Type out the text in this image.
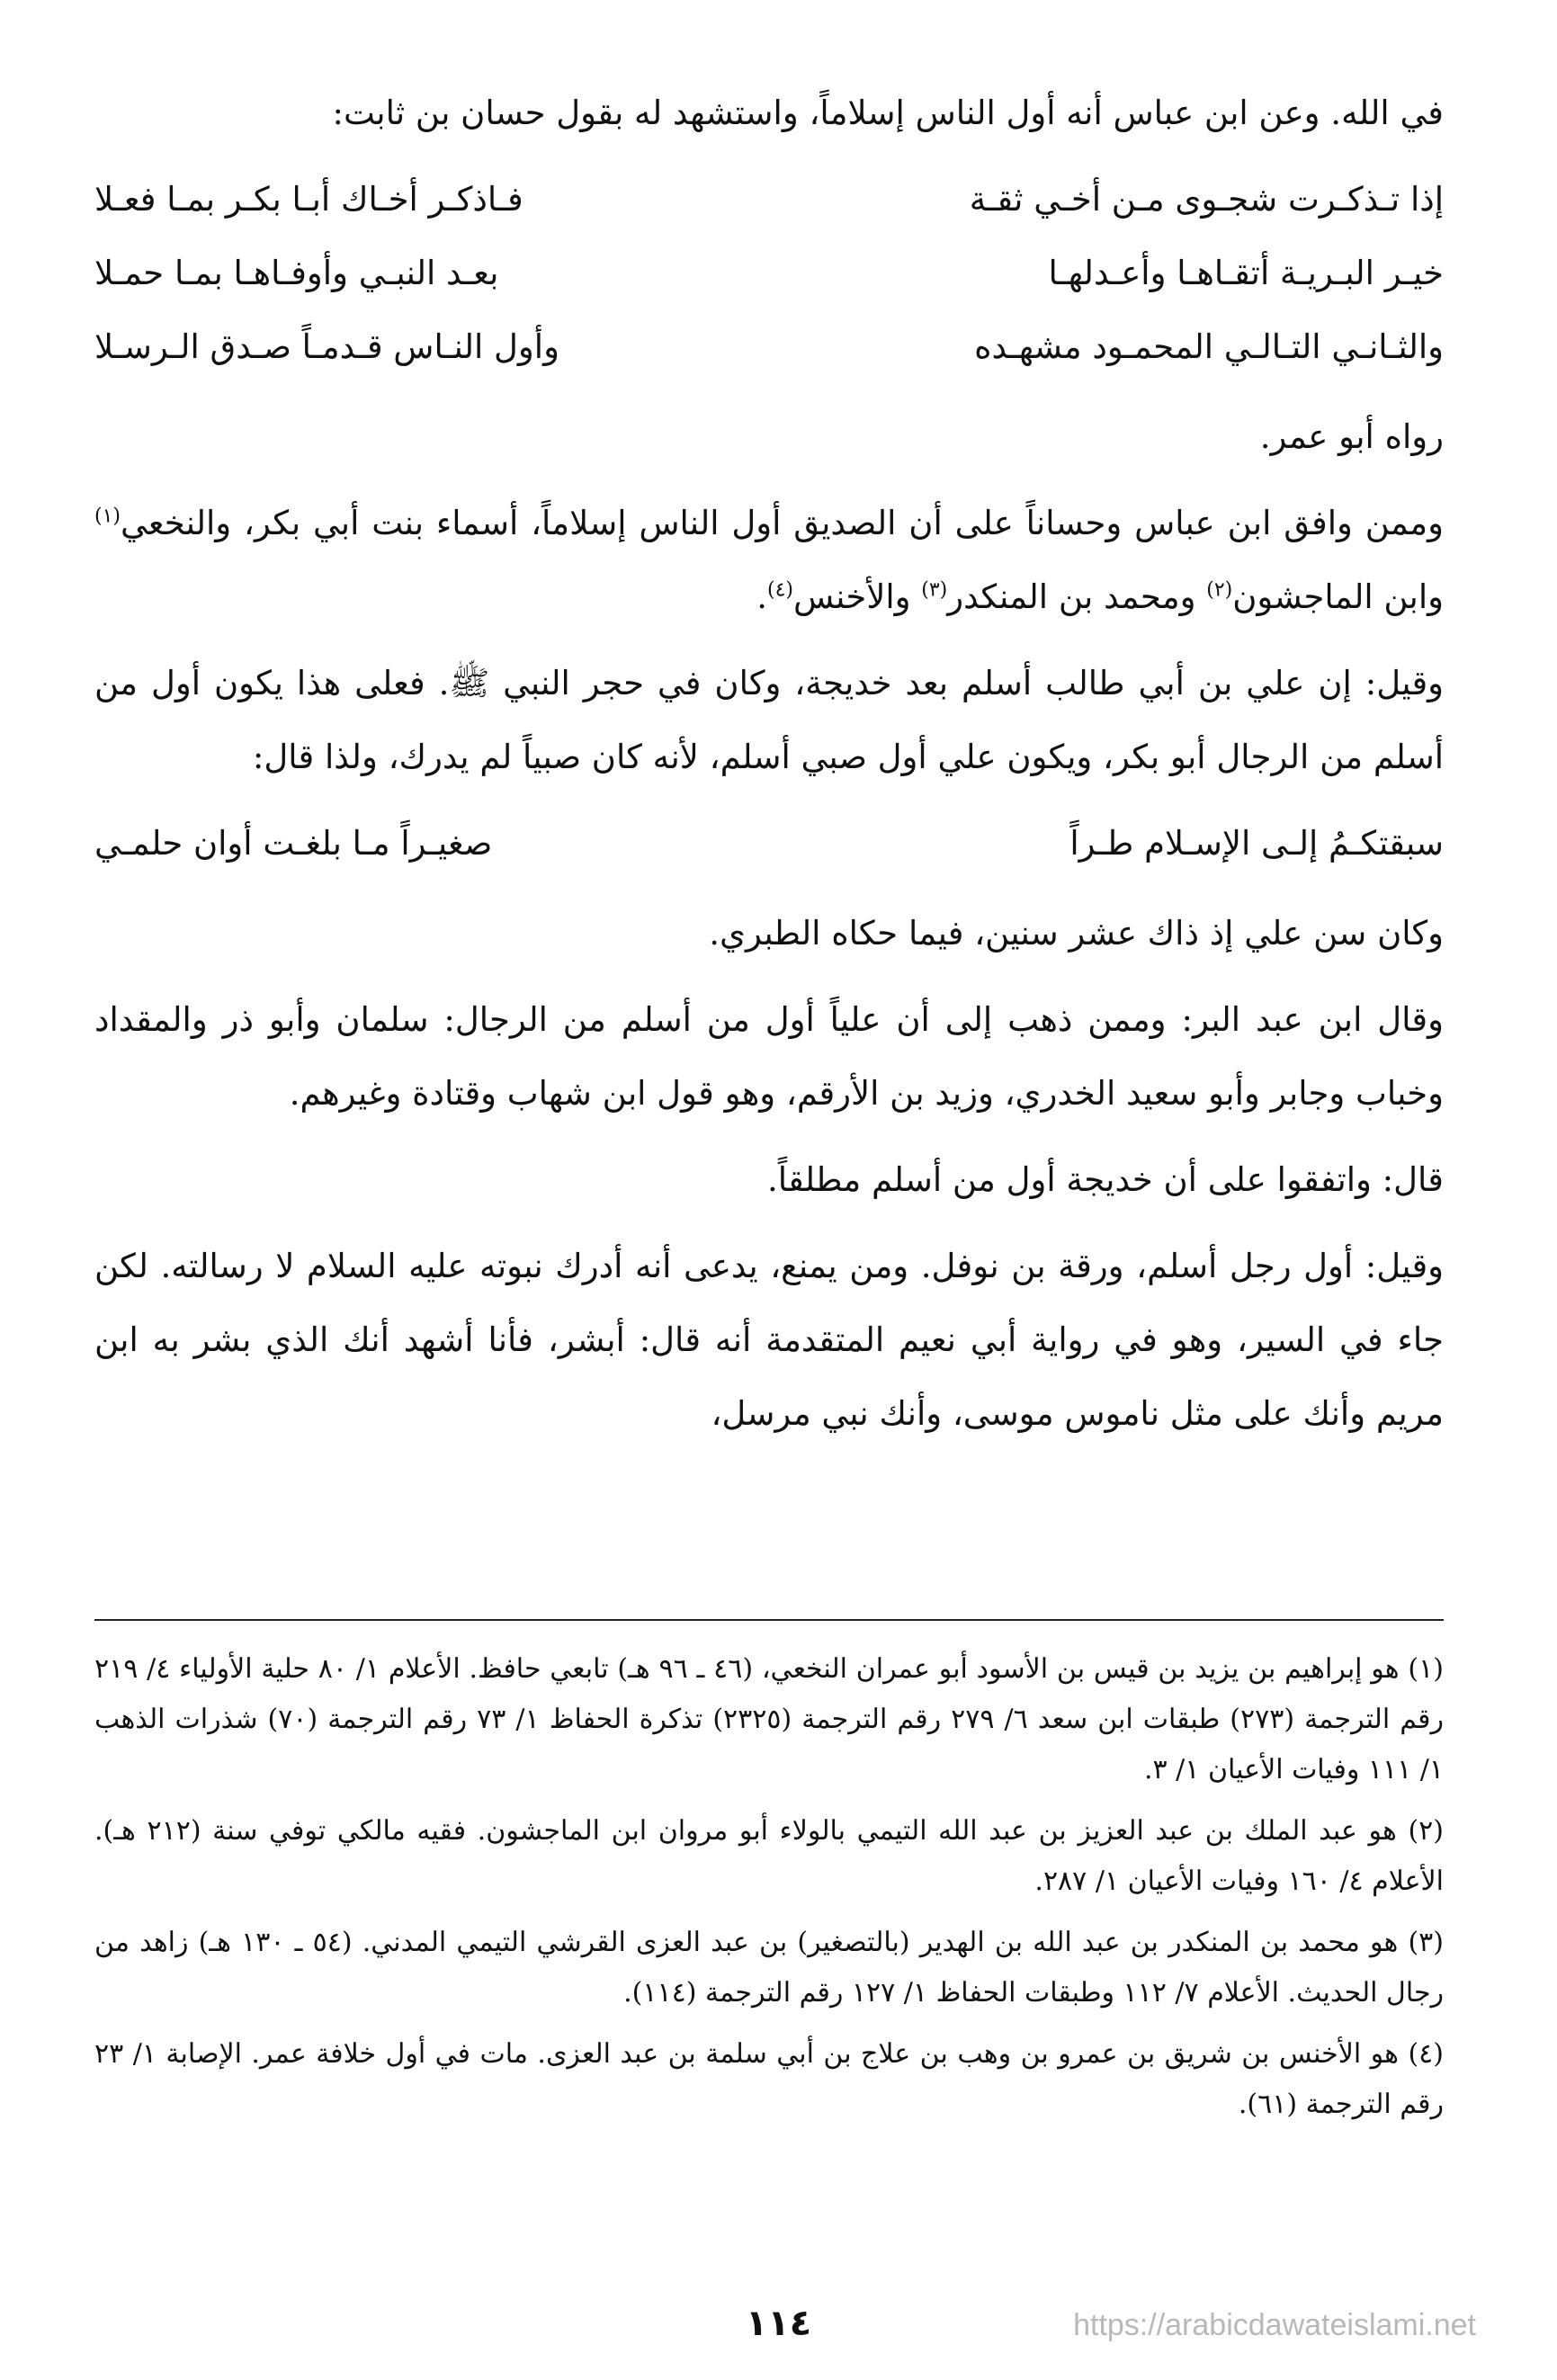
في الله. وعن ابن عباس أنه أول الناس إسلاماً، واستشهد له بقول حسان بن ثابت:

إذا تـذكـرت شجـوى مـن أخـي ثقـة
فـاذكـر أخـاك أبـا بكـر بمـا فعـلا
خيـر البـريـة أتقـاهـا وأعـدلهـا
بعـد النبـي وأوفـاهـا بمـا حمـلا
والثـانـي التـالـي المحمـود مشهـده
وأول النـاس قـدمـاً صـدق الـرسـلا

رواه أبو عمر.

وممن وافق ابن عباس وحساناً على أن الصديق أول الناس إسلاماً، أسماء بنت أبي بكر، والنخعي$^{(١)}$ وابن الماجشون$^{(٢)}$ ومحمد بن المنكدر$^{(٣)}$ والأخنس$^{(٤)}$.

وقيل: إن علي بن أبي طالب أسلم بعد خديجة، وكان في حجر النبي ﷺ. فعلى هذا يكون أول من أسلم من الرجال أبو بكر، ويكون علي أول صبي أسلم، لأنه كان صبياً لم يدرك، ولذا قال:

سبقتكـمُ إلـى الإسـلام طـراً
صغيـراً مـا بلغـت أوان حلمـي

وكان سن علي إذ ذاك عشر سنين، فيما حكاه الطبري.

وقال ابن عبد البر: وممن ذهب إلى أن علياً أول من أسلم من الرجال: سلمان وأبو ذر والمقداد وخباب وجابر وأبو سعيد الخدري، وزيد بن الأرقم، وهو قول ابن شهاب وقتادة وغيرهم.

قال: واتفقوا على أن خديجة أول من أسلم مطلقاً.

وقيل: أول رجل أسلم، ورقة بن نوفل. ومن يمنع، يدعى أنه أدرك نبوته عليه السلام لا رسالته. لكن جاء في السير، وهو في رواية أبي نعيم المتقدمة أنه قال: أبشر، فأنا أشهد أنك الذي بشر به ابن مريم وأنك على مثل ناموس موسى، وأنك نبي مرسل،

(١) هو إبراهيم بن يزيد بن قيس بن الأسود أبو عمران النخعي، (٤٦ ـ ٩٦ هـ) تابعي حافظ. الأعلام ١/ ٨٠ حلية الأولياء ٤/ ٢١٩ رقم الترجمة (٢٧٣) طبقات ابن سعد ٦/ ٢٧٩ رقم الترجمة (٢٣٢٥) تذكرة الحفاظ ١/ ٧٣ رقم الترجمة (٧٠) شذرات الذهب ١/ ١١١ وفيات الأعيان ١/ ٣.

(٢) هو عبد الملك بن عبد العزيز بن عبد الله التيمي بالولاء أبو مروان ابن الماجشون. فقيه مالكي توفي سنة (٢١٢ هـ). الأعلام ٤/ ١٦٠ وفيات الأعيان ١/ ٢٨٧.

(٣) هو محمد بن المنكدر بن عبد الله بن الهدير (بالتصغير) بن عبد العزى القرشي التيمي المدني. (٥٤ ـ ١٣٠ هـ) زاهد من رجال الحديث. الأعلام ٧/ ١١٢ وطبقات الحفاظ ١/ ١٢٧ رقم الترجمة (١١٤).

(٤) هو الأخنس بن شريق بن عمرو بن وهب بن علاج بن أبي سلمة بن عبد العزى. مات في أول خلافة عمر. الإصابة ١/ ٢٣ رقم الترجمة (٦١).

١١٤	https://arabicdawateislami.net
